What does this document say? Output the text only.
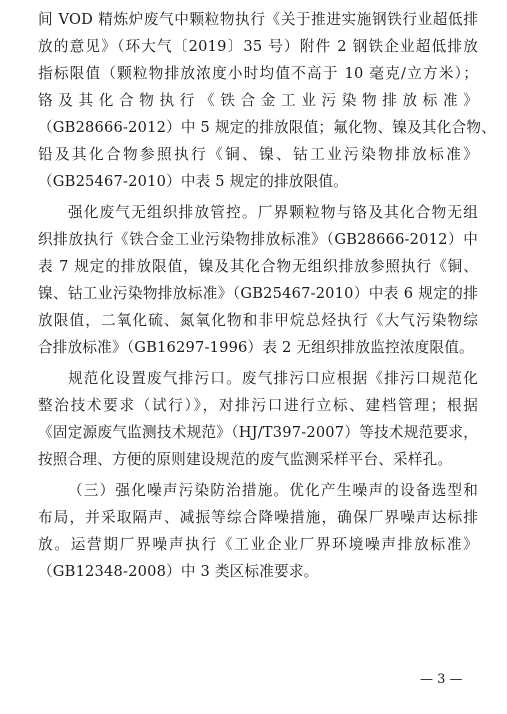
间 VOD 精炼炉废气中颗粒物执行《关于推进实施钢铁行业超低排
放的意见》（环大气〔2019〕35 号）附件 2 钢铁企业超低排放
指标限值（颗粒物排放浓度小时均值不高于 10 毫克/立方米）；
铬及其化合物执行《铁合金工业污染物排放标准》
（GB28666-2012）中 5 规定的排放限值；氟化物、镍及其化合物、
铅及其化合物参照执行《铜、镍、钴工业污染物排放标准》
（GB25467-2010）中表 5 规定的排放限值。
强化废气无组织排放管控。厂界颗粒物与铬及其化合物无组
织排放执行《铁合金工业污染物排放标准》（GB28666-2012）中
表 7 规定的排放限值，镍及其化合物无组织排放参照执行《铜、
镍、钴工业污染物排放标准》（GB25467-2010）中表 6 规定的排
放限值，二氧化硫、氮氧化物和非甲烷总烃执行《大气污染物综
合排放标准》（GB16297-1996）表 2 无组织排放监控浓度限值。
规范化设置废气排污口。废气排污口应根据《排污口规范化
整治技术要求（试行）》，对排污口进行立标、建档管理；根据
《固定源废气监测技术规范》（HJ/T397-2007）等技术规范要求，
按照合理、方便的原则建设规范的废气监测采样平台、采样孔。
（三）强化噪声污染防治措施。优化产生噪声的设备选型和
布局，并采取隔声、减振等综合降噪措施，确保厂界噪声达标排
放。运营期厂界噪声执行《工业企业厂界环境噪声排放标准》
（GB12348-2008）中 3 类区标准要求。
— 3 —
